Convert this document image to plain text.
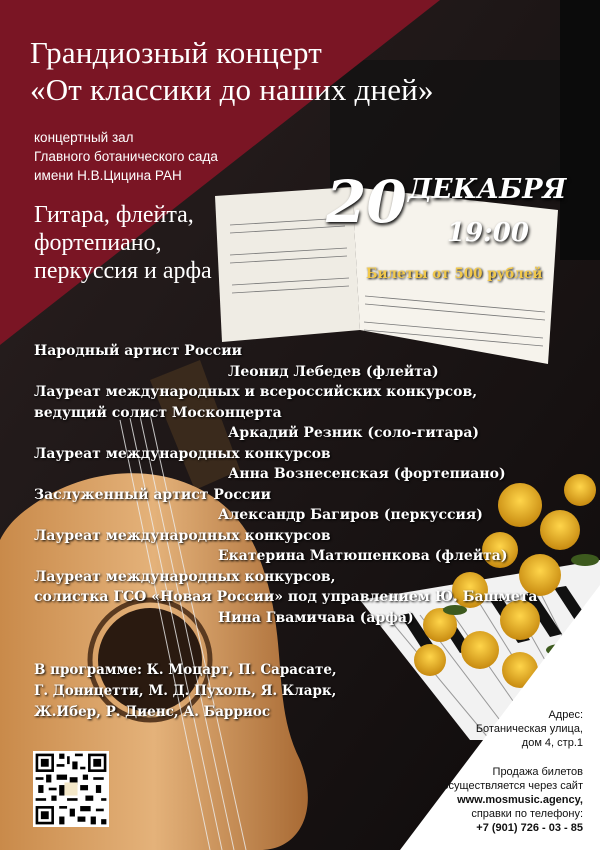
Грандиозный концерт
«От классики до наших дней»
концертный зал
Главного ботанического сада
имени Н.В.Цицина РАН
Гитара, флейта,
фортепиано,
перкуссия и арфа
20 ДЕКАБРЯ
19:00
Билеты от 500 рублей
Народный артист России
Леонид Лебедев (флейта)
Лауреат международных и всероссийских конкурсов,
ведущий солист Москонцерта
Аркадий Резник (соло-гитара)
Лауреат международных конкурсов
Анна Вознесенская (фортепиано)
Заслуженный артист России
Александр Багиров (перкуссия)
Лауреат международных конкурсов
Екатерина Матюшенкова (флейта)
Лауреат международных конкурсов,
солистка ГСО «Новая России» под управлением Ю. Башмета
Нина Гвамичава (арфа)
В программе: К. Моцарт, П. Сарасате,
Г. Доницетти, М. Д. Пухоль, Я. Кларк,
Ж.Ибер, Р. Диенс, А. Барриос	Адрес:
Ботаническая улица,
дом 4, стр.1
Продажа билетов
осуществляется через сайт
www.mosmusic.agency,
справки по телефону:
+7 (901) 726 - 03 - 85
